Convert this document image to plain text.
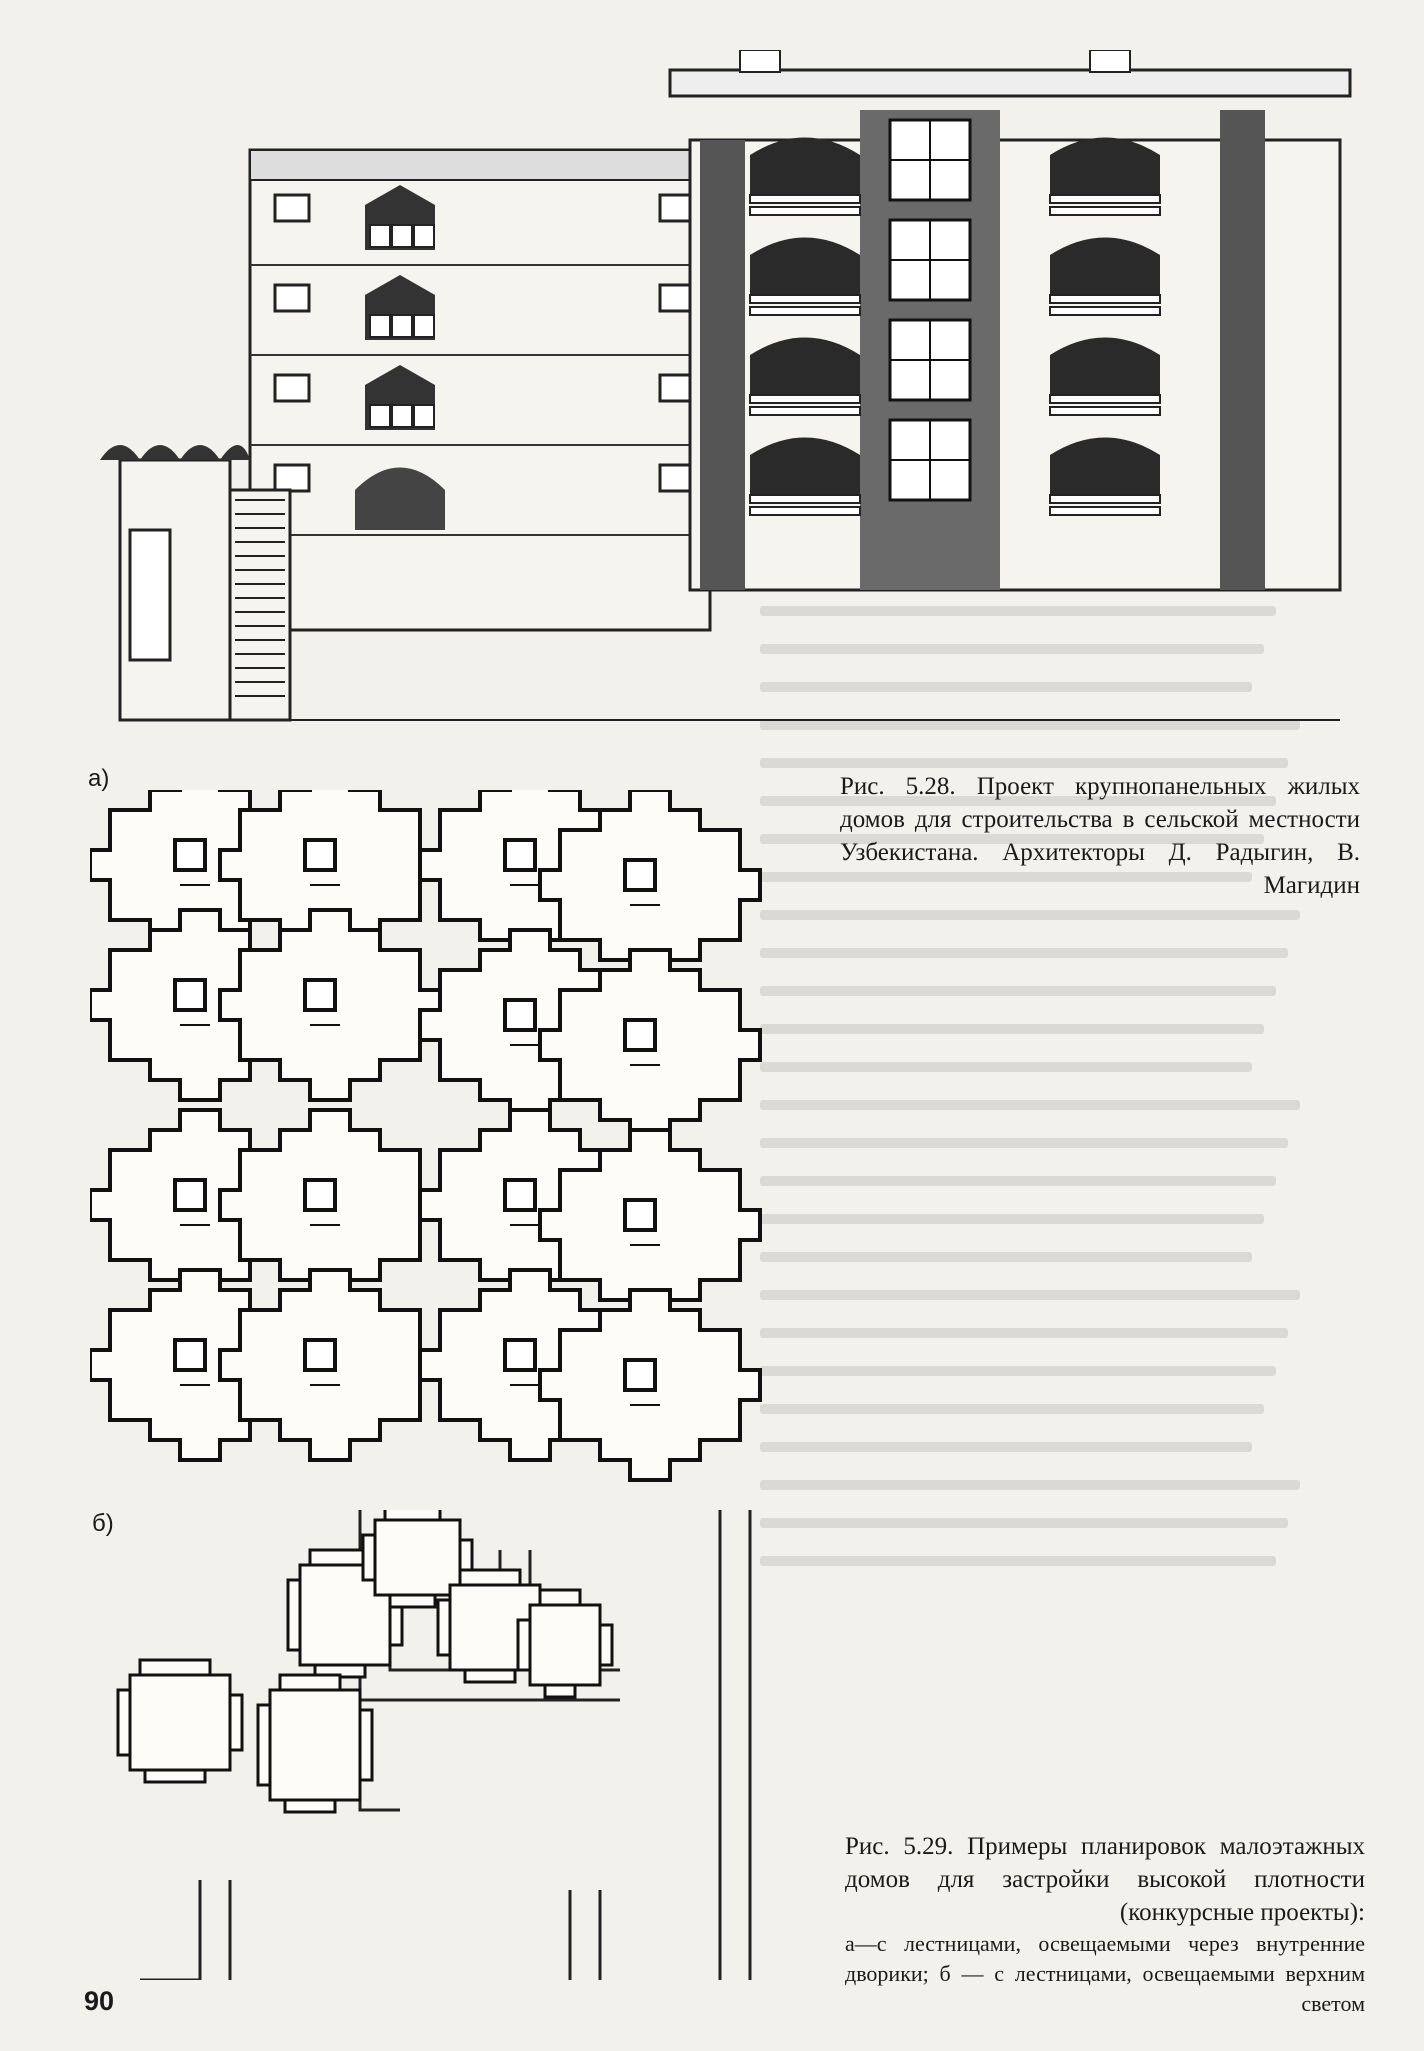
а)	Рис. 5.28. Проект крупнопанельных жилых домов для строительства в сельской местности Узбекистана. Архитекторы Д. Радыгин, В. Магидин
б)
Рис. 5.29. Примеры планировок малоэтажных домов для застройки высокой плотности (конкурсные проекты):
а—с лестницами, освещаемыми через внутренние дворики; б — с лестницами, освещаемыми верхним светом
90
